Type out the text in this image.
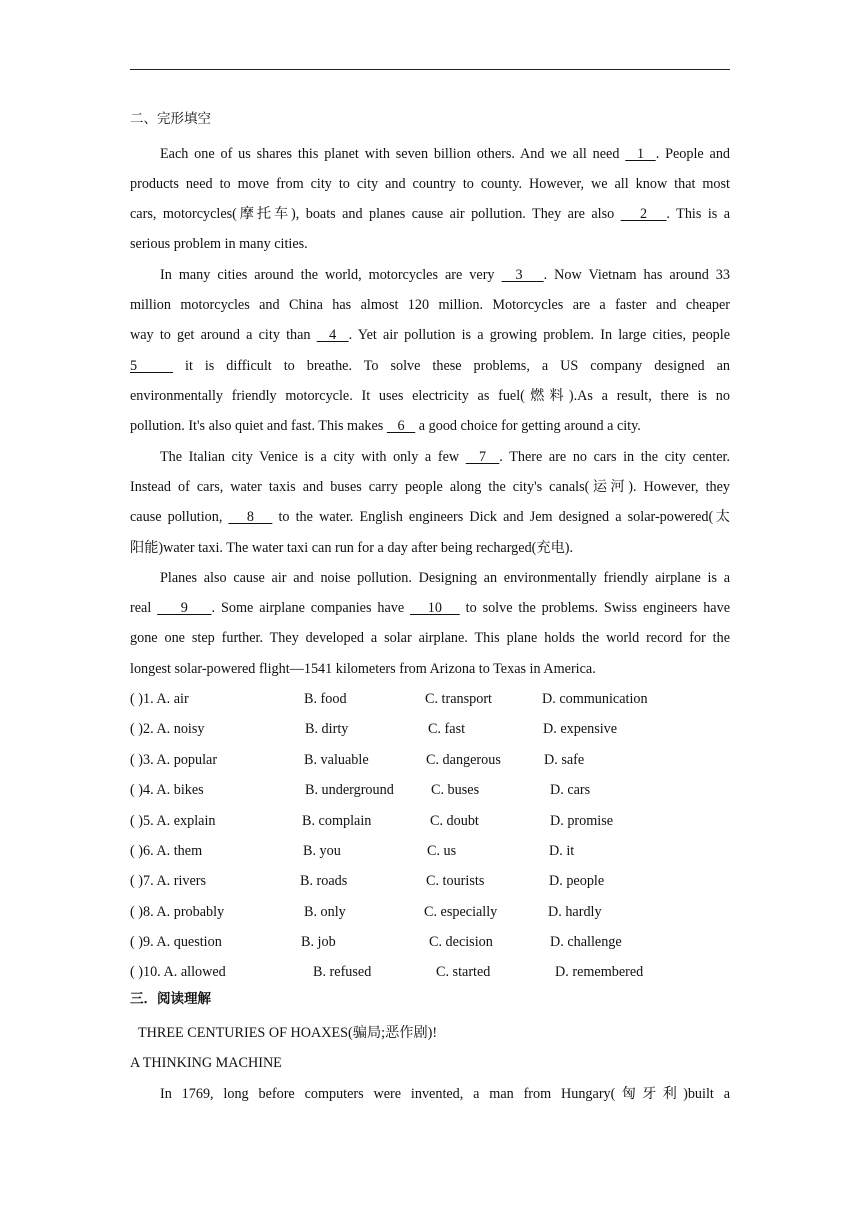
二、完形填空
Each one of us shares this planet with seven billion others. And we all need   1  . People and
products need to move from city to city and country to county. However, we all know that most
cars, motorcycles(摩托车), boats and planes cause air pollution. They are also    2   . This is a
serious problem in many cities.
In many cities around the world, motorcycles are very   3   . Now Vietnam has around 33
million motorcycles and China has almost 120 million. Motorcycles are a faster and cheaper
way to get around a city than   4  . Yet air pollution is a growing problem. In large cities, people
5    it is difficult to breathe. To solve these problems, a US company designed an
environmentally friendly motorcycle. It uses electricity as fuel(燃料).As a result, there is no
pollution. It's also quiet and fast. This makes    6    a good choice for getting around a city.
The Italian city Venice is a city with only a few   7  . There are no cars in the city center.
Instead of cars, water taxis and buses carry people along the city's canals(运河). However, they
cause pollution,    8    to the water. English engineers Dick and Jem designed a solar-powered(太
阳能)water taxi. The water taxi can run for a day after being recharged(充电).
Planes also cause air and noise pollution. Designing an environmentally friendly airplane is a
real     9    . Some airplane companies have    10    to solve the problems. Swiss engineers have
gone one step further. They developed a solar airplane. This plane holds the world record for the
longest solar-powered flight―1541 kilometers from Arizona to Texas in America.
( )1. A. air	B. food	C. transport	D. communication
( )2. A. noisy	B. dirty	C. fast	D. expensive
( )3. A. popular	B. valuable	C. dangerous	D. safe
( )4. A. bikes	B. underground	C. buses	D. cars
( )5. A. explain	B. complain	C. doubt	D. promise
( )6. A. them	B. you	C. us	D. it
( )7. A. rivers	B. roads	C. tourists	D. people
( )8. A. probably	B. only	C. especially	D. hardly
( )9. A. question	B. job	C. decision	D. challenge
( )10. A. allowed	B. refused	C. started	D. remembered
三．阅读理解
THREE CENTURIES OF HOAXES(骗局;恶作剧)!
A THINKING MACHINE
In 1769, long before computers were invented, a man from Hungary(匈牙利)built a
